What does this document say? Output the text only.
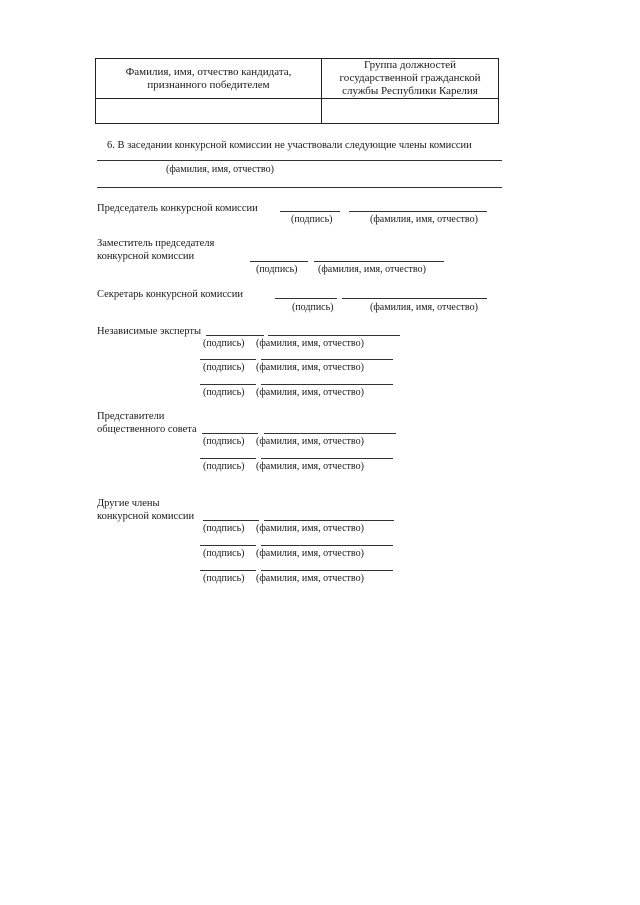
Фамилия, имя, отчество кандидата, признанного победителем	Группа должностей государственной гражданской службы Республики Карелия

6. В заседании конкурсной комиссии не участвовали следующие члены комиссии
(фамилия, имя, отчество)
Председатель конкурсной комиссии
(подпись)	(фамилия, имя, отчество)
Заместитель председателя
конкурсной комиссии
(подпись) (фамилия, имя, отчество)
Секретарь конкурсной комиссии
(подпись)	(фамилия, имя, отчество)
Независимые эксперты
(подпись) (фамилия, имя, отчество)
(подпись) (фамилия, имя, отчество)
(подпись) (фамилия, имя, отчество)
Представители
общественного совета
(подпись) (фамилия, имя, отчество)
(подпись) (фамилия, имя, отчество)
Другие члены
конкурсной комиссии
(подпись) (фамилия, имя, отчество)
(подпись) (фамилия, имя, отчество)
(подпись) (фамилия, имя, отчество)
